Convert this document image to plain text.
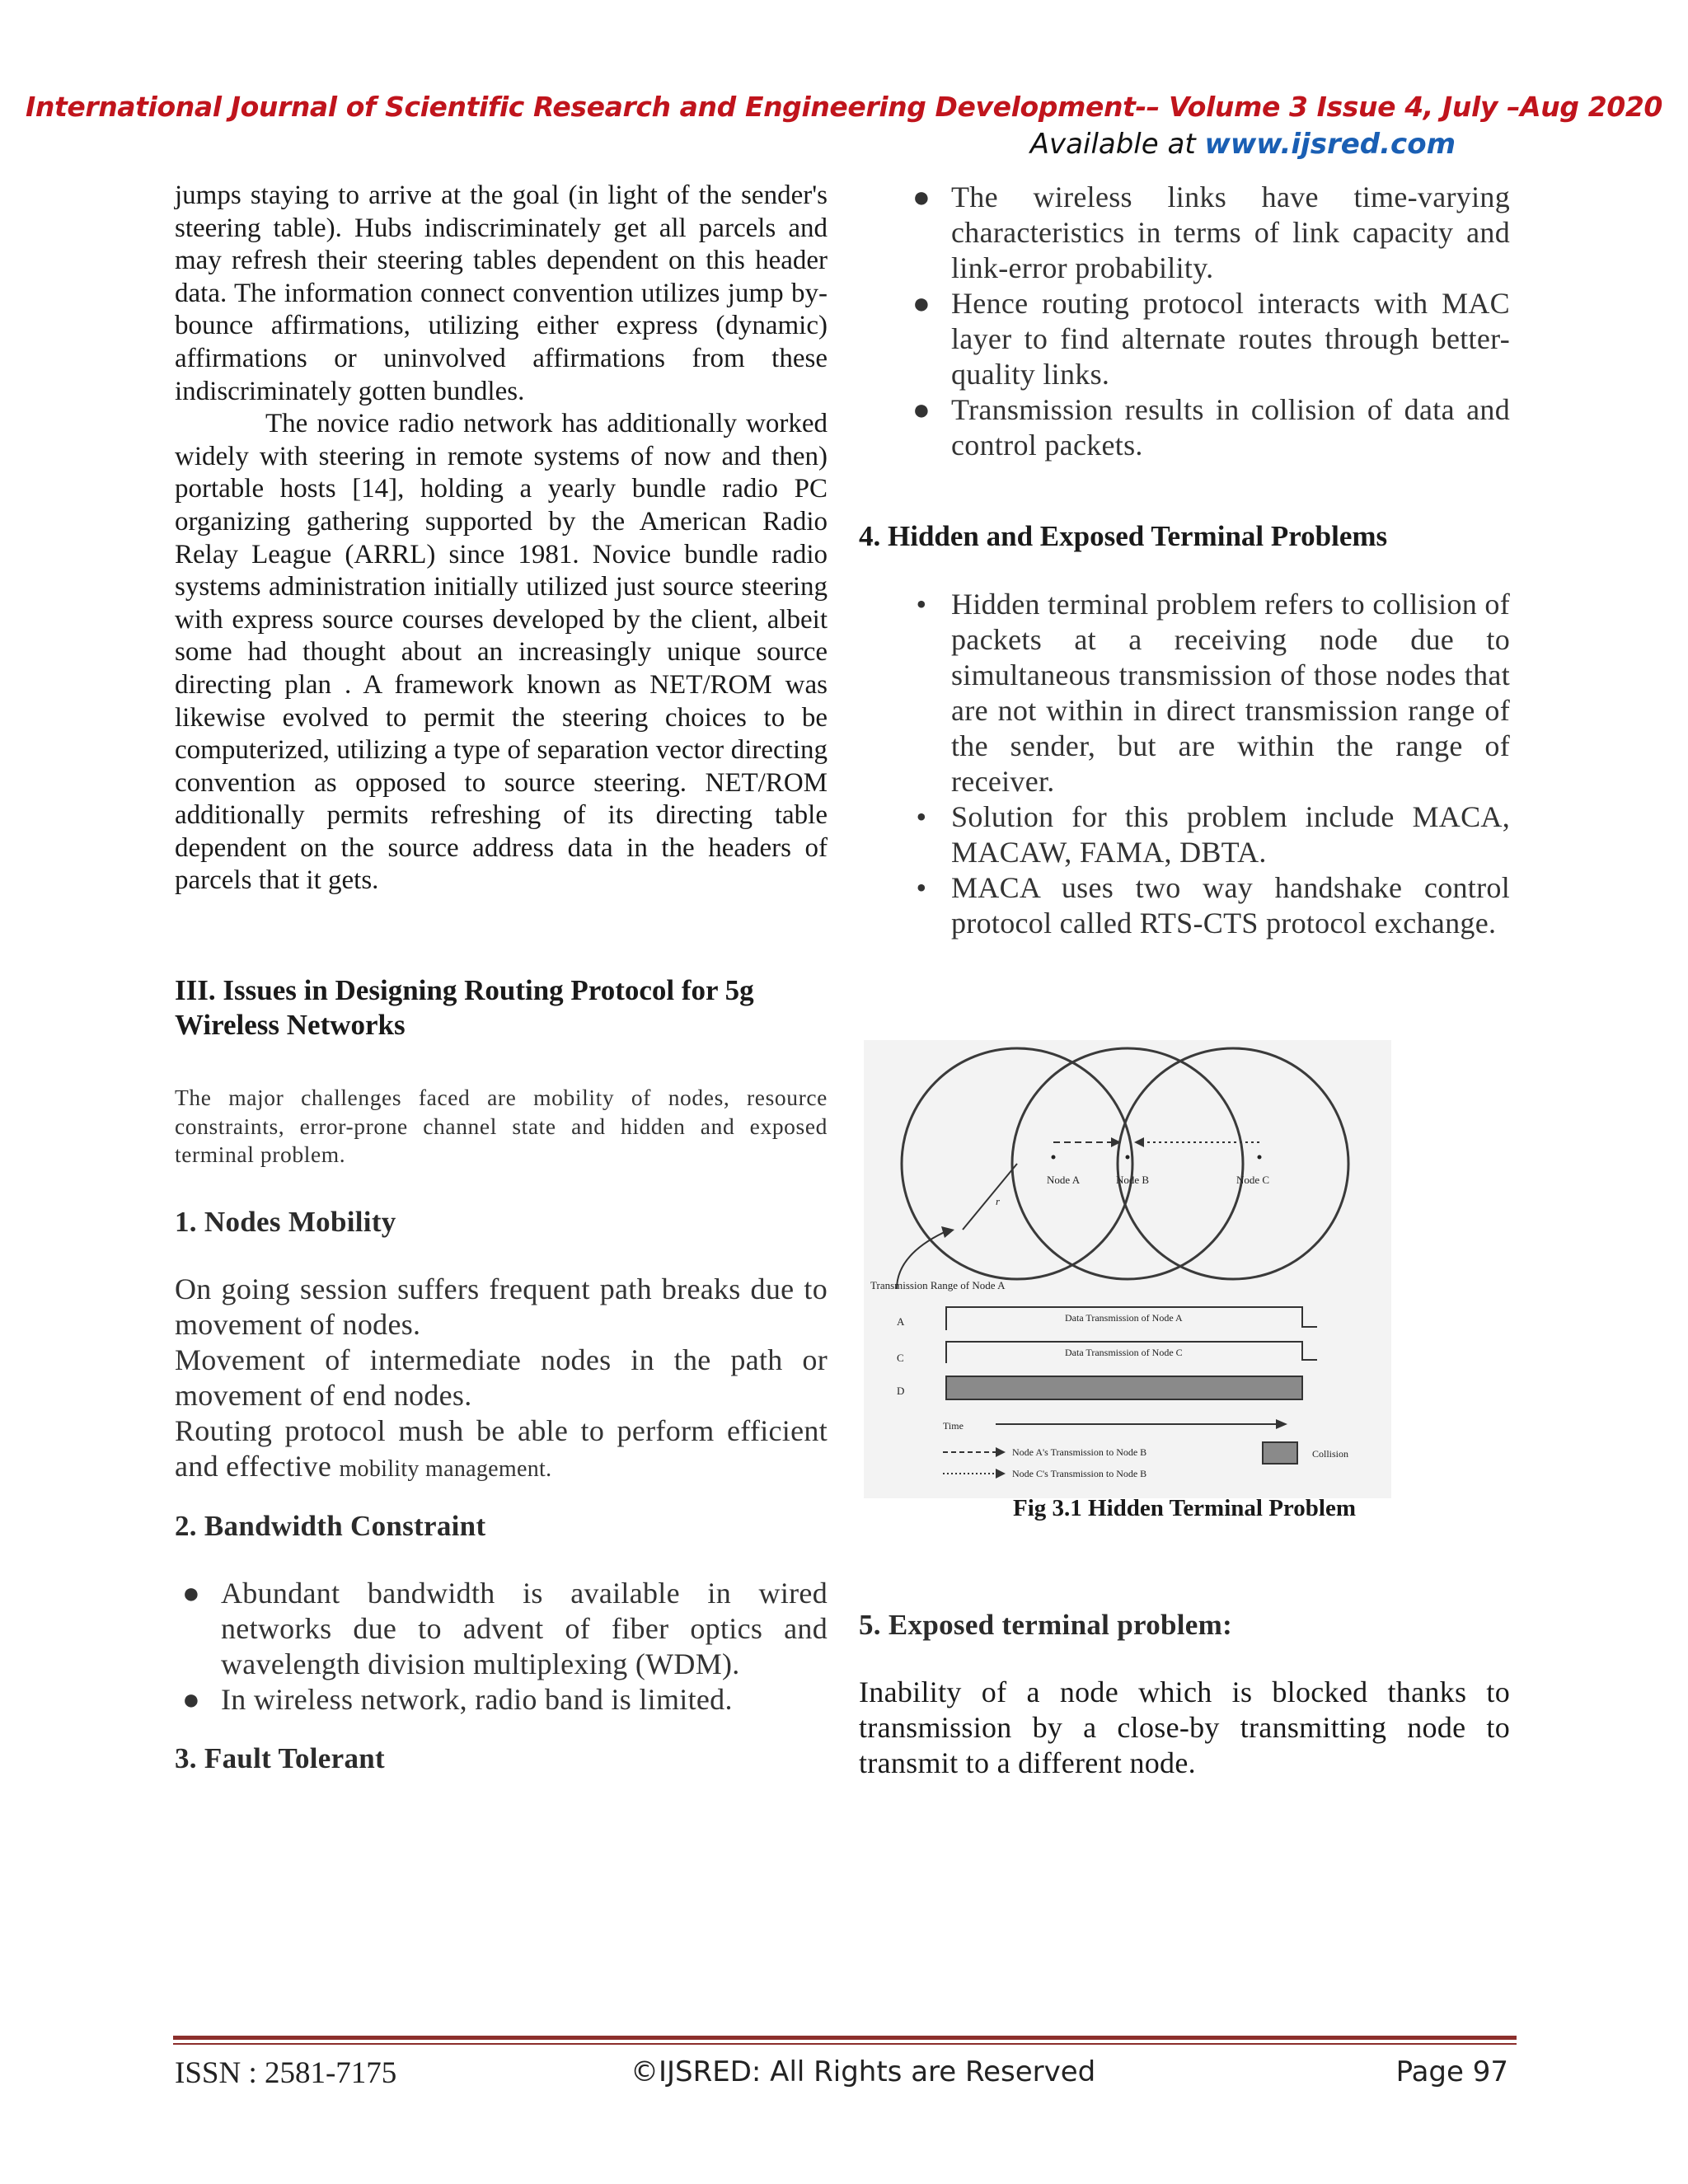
International Journal of Scientific Research and Engineering Development-– Volume 3 Issue 4, July –Aug 2020
Available at www.ijsred.com

jumps staying to arrive at the goal (in light of the sender's steering table). Hubs indiscriminately get all parcels and may refresh their steering tables dependent on this header data. The information connect convention utilizes jump by-bounce affirmations, utilizing either express (dynamic) affirmations or uninvolved affirmations from these indiscriminately gotten bundles.

The novice radio network has additionally worked widely with steering in remote systems of now and then) portable hosts [14], holding a yearly bundle radio PC organizing gathering supported by the American Radio Relay League (ARRL) since 1981. Novice bundle radio systems administration initially utilized just source steering with express source courses developed by the client, albeit some had thought about an increasingly unique source directing plan . A framework known as NET/ROM was likewise evolved to permit the steering choices to be computerized, utilizing a type of separation vector directing convention as opposed to source steering. NET/ROM additionally permits refreshing of its directing table dependent on the source address data in the headers of parcels that it gets.

III. Issues in Designing Routing Protocol for 5g Wireless Networks

The major challenges faced are mobility of nodes, resource constraints, error-prone channel state and hidden and exposed terminal problem.

1. Nodes Mobility

On going session suffers frequent path breaks due to movement of nodes.

Movement of intermediate nodes in the path or movement of end nodes.

Routing protocol mush be able to perform efficient and effective mobility management.

2. Bandwidth Constraint

● Abundant bandwidth is available in wired networks due to advent of fiber optics and wavelength division multiplexing (WDM).
● In wireless network, radio band is limited.

3. Fault Tolerant

● The wireless links have time-varying characteristics in terms of link capacity and link-error probability.
● Hence routing protocol interacts with MAC layer to find alternate routes through better-quality links.
● Transmission results in collision of data and control packets.

4. Hidden and Exposed Terminal Problems

• Hidden terminal problem refers to collision of packets at a receiving node due to simultaneous transmission of those nodes that are not within in direct transmission range of the sender, but are within the range of receiver.
• Solution for this problem include MACA, MACAW, FAMA, DBTA.
• MACA uses two way handshake control protocol called RTS-CTS protocol exchange.
Node A	Node B	Node C
r
Transmission Range of Node A
A	Data Transmission of Node A
C	Data Transmission of Node C
D
Time
Node A's Transmission to Node B
Node C's Transmission to Node B
Collision
Fig 3.1 Hidden Terminal Problem

5. Exposed terminal problem:

Inability of a node which is blocked thanks to transmission by a close-by transmitting node to transmit to a different node.

ISSN : 2581-7175	©IJSRED: All Rights are Reserved	Page 97
